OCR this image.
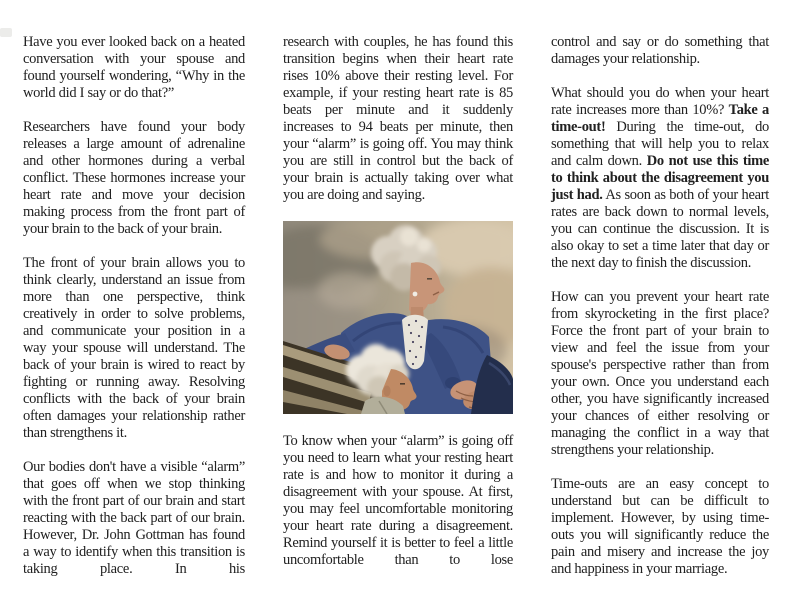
Have you ever looked back on a heated conversation with your spouse and found yourself wondering, “Why in the world did I say or do that?”

Researchers have found your body releases a large amount of adrenaline and other hormones during a verbal conflict. These hormones increase your heart rate and move your decision making process from the front part of your brain to the back of your brain.

The front of your brain allows you to think clearly, understand an issue from more than one perspective, think creatively in order to solve problems, and communicate your position in a way your spouse will understand. The back of your brain is wired to react by fighting or running away. Resolving conflicts with the back of your brain often damages your relationship rather than strengthens it.

Our bodies don't have a visible “alarm” that goes off when we stop thinking with the front part of our brain and start reacting with the back part of our brain. However, Dr. John Gottman has found a way to identify when this transition is taking place. In his

research with couples, he has found this transition begins when their heart rate rises 10% above their resting level. For example, if your resting heart rate is 85 beats per minute and it suddenly increases to 94 beats per minute, then your “alarm” is going off. You may think you are still in control but the back of your brain is actually taking over what you are doing and saying.

To know when your “alarm” is going off you need to learn what your resting heart rate is and how to monitor it during a disagreement with your spouse. At first, you may feel uncomfortable monitoring your heart rate during a disagreement. Remind yourself it is better to feel a little uncomfortable than to lose

control and say or do something that damages your relationship.

What should you do when your heart rate increases more than 10%? Take a time-out! During the time-out, do something that will help you to relax and calm down. Do not use this time to think about the disagreement you just had. As soon as both of your heart rates are back down to normal levels, you can continue the discussion. It is also okay to set a time later that day or the next day to finish the discussion.

How can you prevent your heart rate from skyrocketing in the first place? Force the front part of your brain to view and feel the issue from your spouse's perspective rather than from your own. Once you understand each other, you have significantly increased your chances of either resolving or managing the conflict in a way that strengthens your relationship.

Time-outs are an easy concept to understand but can be difficult to implement. However, by using time-outs you will significantly reduce the pain and misery and increase the joy and happiness in your marriage.
